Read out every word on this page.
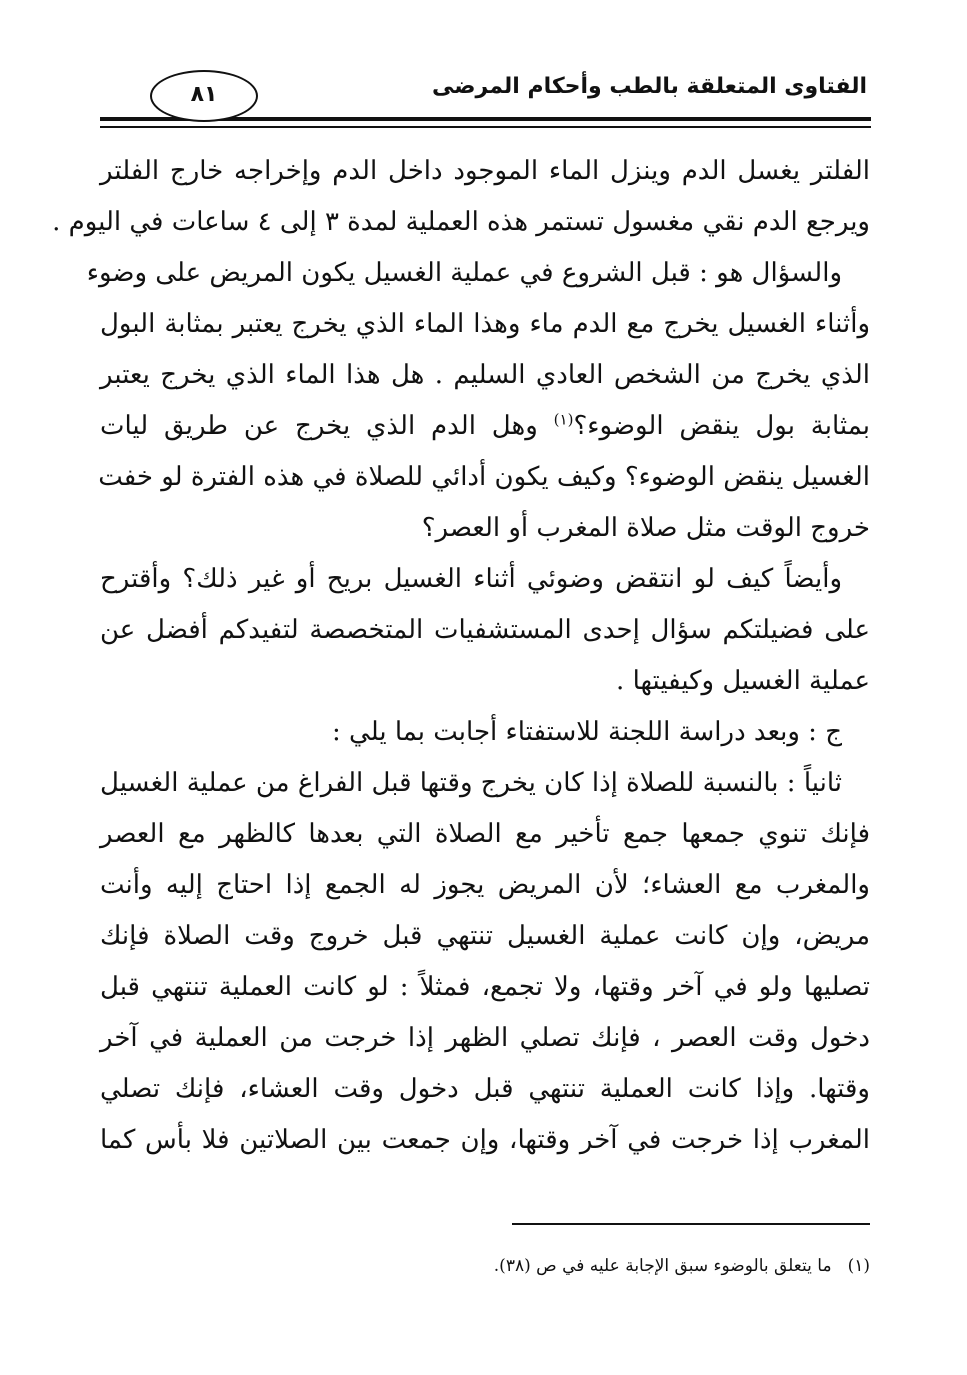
الفتاوى المتعلقة بالطب وأحكام المرضى
٨١
الفلتر يغسل الدم وينزل الماء الموجود داخل الدم وإخراجه خارج الفلتر
ويرجع الدم نقي مغسول تستمر هذه العملية لمدة ٣ إلى ٤ ساعات في اليوم .
والسؤال هو : قبل الشروع في عملية الغسيل يكون المريض على وضوء
وأثناء الغسيل يخرج مع الدم ماء وهذا الماء الذي يخرج يعتبر بمثابة البول
الذي يخرج من الشخص العادي السليم . هل هذا الماء الذي يخرج يعتبر
بمثابة بول ينقض الوضوء؟$^{(١)}$ وهل الدم الذي يخرج عن طريق ليات
الغسيل ينقض الوضوء؟ وكيف يكون أدائي للصلاة في هذه الفترة لو خفت
خروج الوقت مثل صلاة المغرب أو العصر؟
وأيضاً كيف لو انتقض وضوئي أثناء الغسيل بريح أو غير ذلك؟ وأقترح
على فضيلتكم سؤال إحدى المستشفيات المتخصصة لتفيدكم أفضل عن
عملية الغسيل وكيفيتها .
ج : وبعد دراسة اللجنة للاستفتاء أجابت بما يلي :
ثانياً : بالنسبة للصلاة إذا كان يخرج وقتها قبل الفراغ من عملية الغسيل
فإنك تنوي جمعها جمع تأخير مع الصلاة التي بعدها كالظهر مع العصر
والمغرب مع العشاء؛ لأن المريض يجوز له الجمع إذا احتاج إليه وأنت
مريض، وإن كانت عملية الغسيل تنتهي قبل خروج وقت الصلاة فإنك
تصليها ولو في آخر وقتها، ولا تجمع، فمثلاً : لو كانت العملية تنتهي قبل
دخول وقت العصر ، فإنك تصلي الظهر إذا خرجت من العملية في آخر
وقتها. وإذا كانت العملية تنتهي قبل دخول وقت العشاء، فإنك تصلي
المغرب إذا خرجت في آخر وقتها، وإن جمعت بين الصلاتين فلا بأس كما
(١)ما يتعلق بالوضوء سبق الإجابة عليه في ص (٣٨).
